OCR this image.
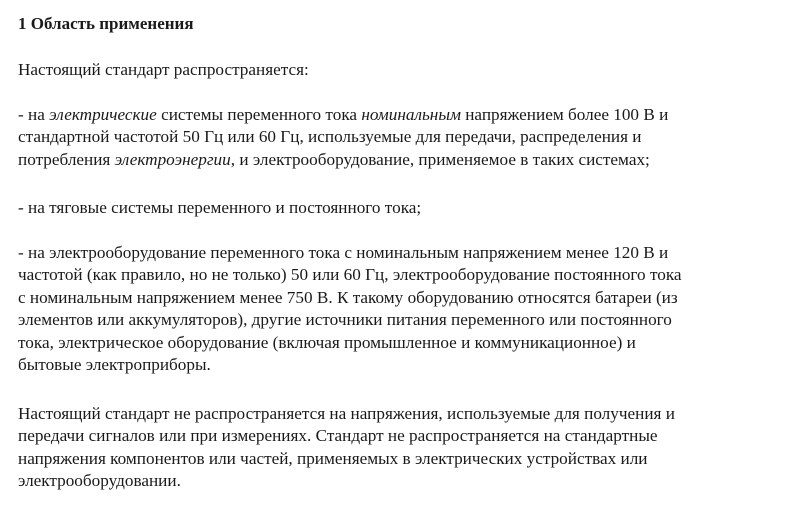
1 Область применения
Настоящий стандарт распространяется:
- на электрические системы переменного тока номинальным напряжением более 100 В и
стандартной частотой 50 Гц или 60 Гц, используемые для передачи, распределения и
потребления электроэнергии, и электрооборудование, применяемое в таких системах;
- на тяговые системы переменного и постоянного тока;
- на электрооборудование переменного тока с номинальным напряжением менее 120 В и
частотой (как правило, но не только) 50 или 60 Гц, электрооборудование постоянного тока
с номинальным напряжением менее 750 В. К такому оборудованию относятся батареи (из
элементов или аккумуляторов), другие источники питания переменного или постоянного
тока, электрическое оборудование (включая промышленное и коммуникационное) и
бытовые электроприборы.
Настоящий стандарт не распространяется на напряжения, используемые для получения и
передачи сигналов или при измерениях. Стандарт не распространяется на стандартные
напряжения компонентов или частей, применяемых в электрических устройствах или
электрооборудовании.
